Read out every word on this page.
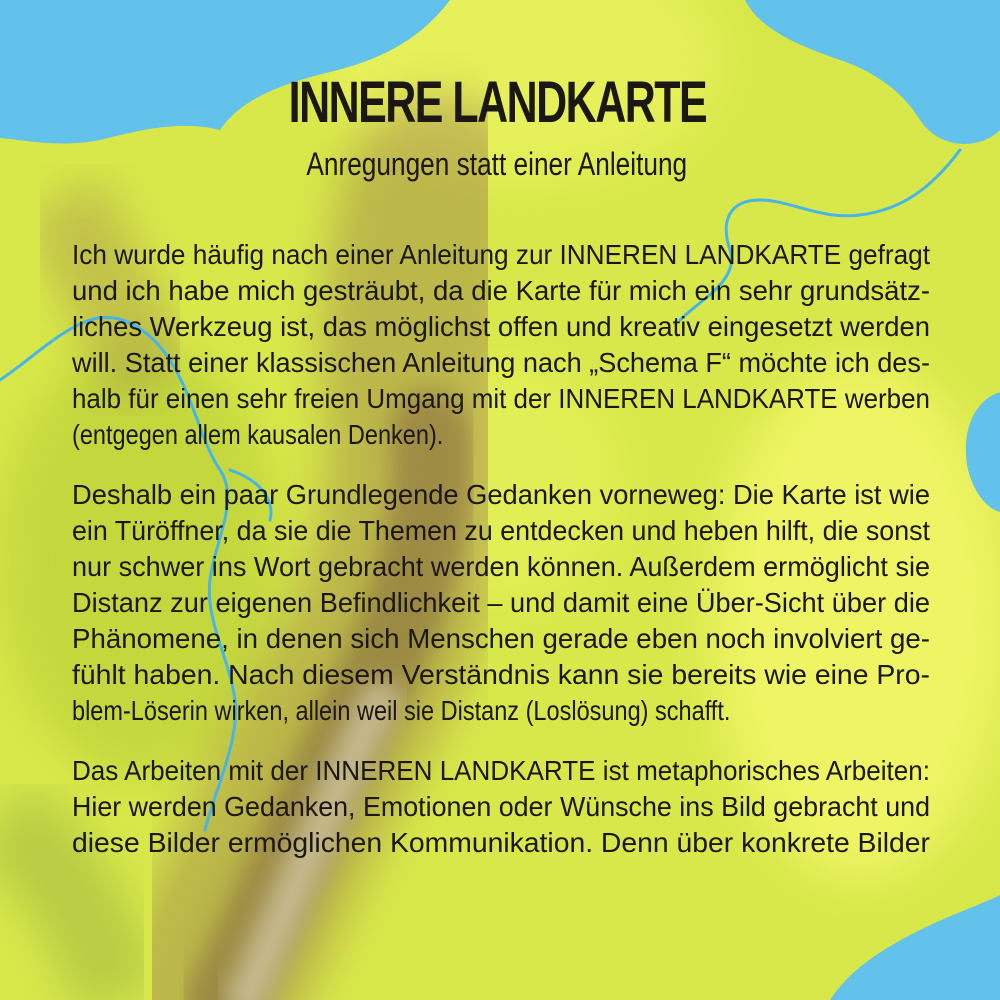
INNERE LANDKARTE
Anregungen statt einer Anleitung

Ich wurde häufig nach einer Anleitung zur INNEREN LANDKARTE gefragt
und ich habe mich gesträubt, da die Karte für mich ein sehr grundsätz-
liches Werkzeug ist, das möglichst offen und kreativ eingesetzt werden
will. Statt einer klassischen Anleitung nach „Schema F“ möchte ich des-
halb für einen sehr freien Umgang mit der INNEREN LANDKARTE werben
(entgegen allem kausalen Denken).

Deshalb ein paar Grundlegende Gedanken vorneweg: Die Karte ist wie
ein Türöffner, da sie die Themen zu entdecken und heben hilft, die sonst
nur schwer ins Wort gebracht werden können. Außerdem ermöglicht sie
Distanz zur eigenen Befindlichkeit – und damit eine Über-Sicht über die
Phänomene, in denen sich Menschen gerade eben noch involviert ge-
fühlt haben. Nach diesem Verständnis kann sie bereits wie eine Pro-
blem-Löserin wirken, allein weil sie Distanz (Loslösung) schafft.

Das Arbeiten mit der INNEREN LANDKARTE ist metaphorisches Arbeiten:
Hier werden Gedanken, Emotionen oder Wünsche ins Bild gebracht und
diese Bilder ermöglichen Kommunikation. Denn über konkrete Bilder
